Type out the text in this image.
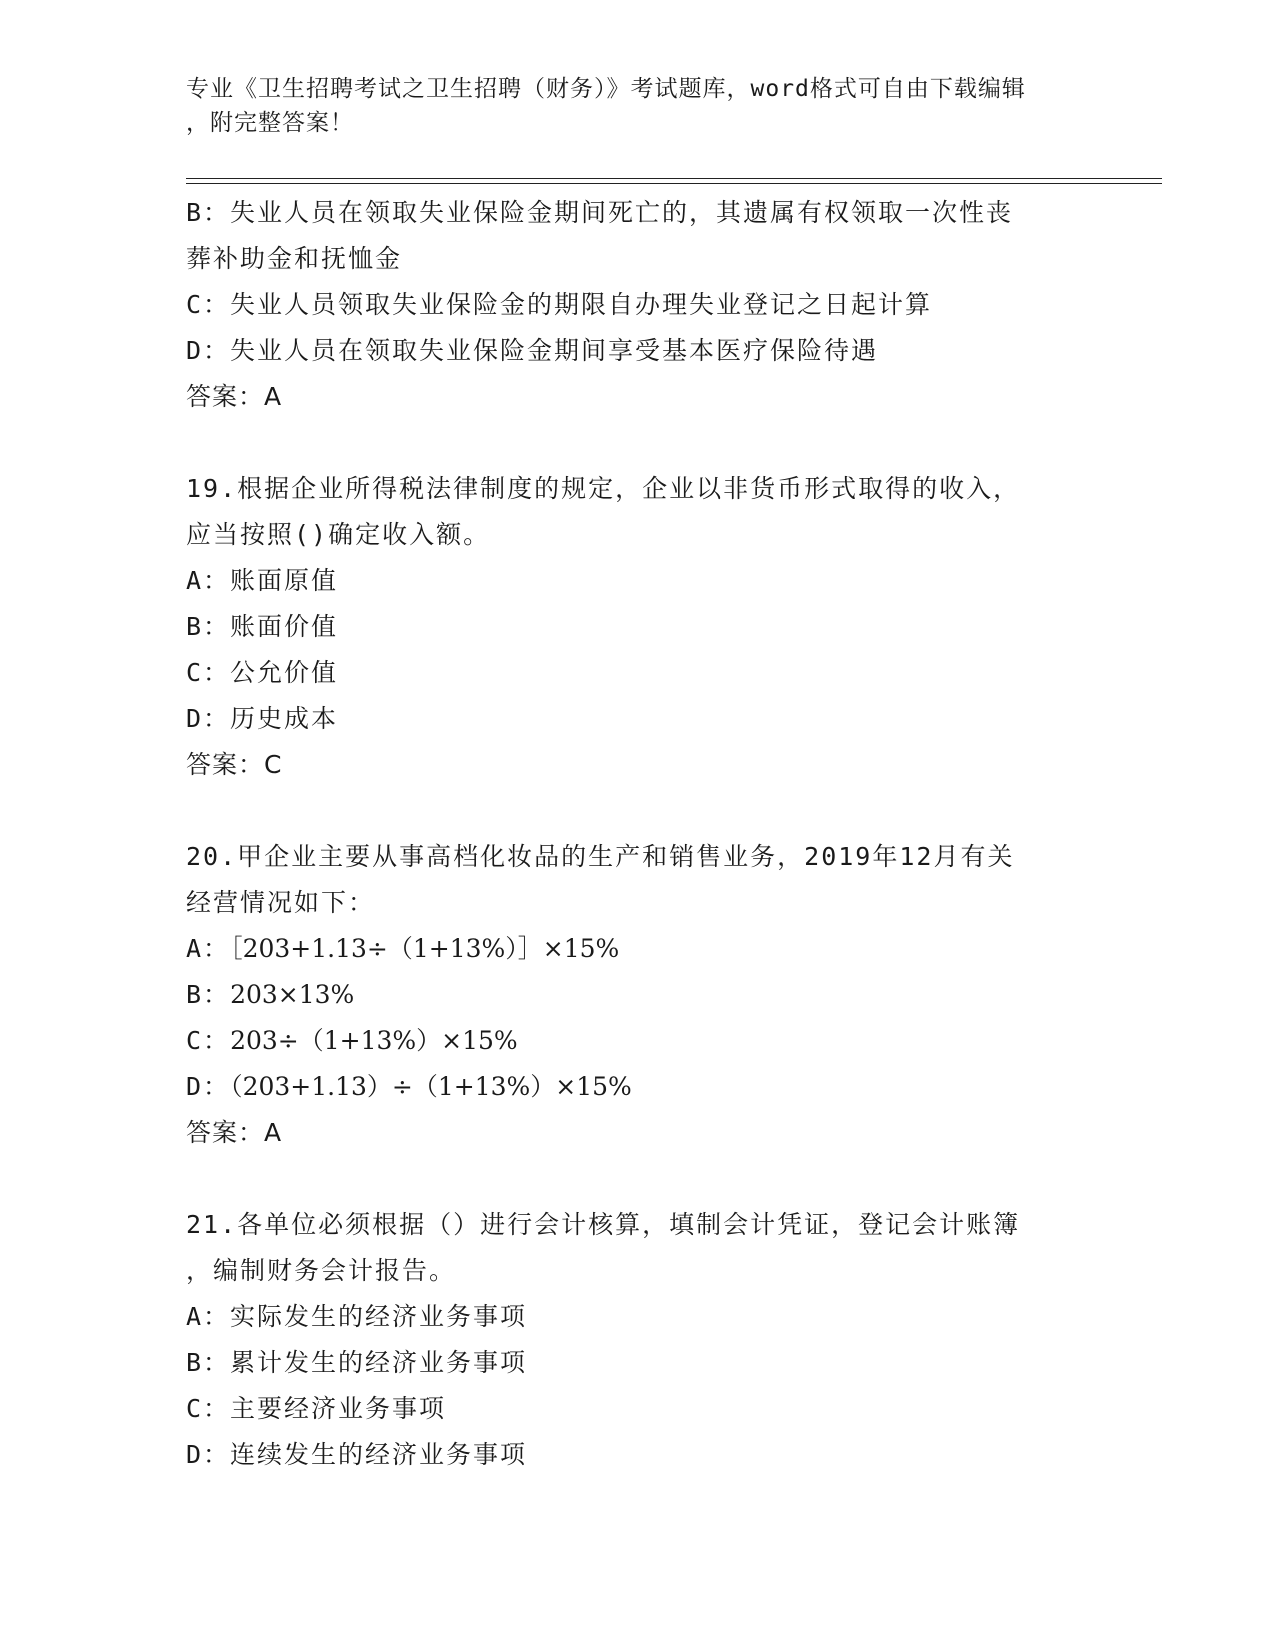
专业《卫生招聘考试之卫生招聘（财务）》考试题库，word格式可自由下载编辑
，附完整答案！
B：失业人员在领取失业保险金期间死亡的，其遗属有权领取一次性丧
葬补助金和抚恤金
C：失业人员领取失业保险金的期限自办理失业登记之日起计算
D：失业人员在领取失业保险金期间享受基本医疗保险待遇
答案：A
19.根据企业所得税法律制度的规定，企业以非货币形式取得的收入，
应当按照()确定收入额。
A：账面原值
B：账面价值
C：公允价值
D：历史成本
答案：C
20.甲企业主要从事高档化妆品的生产和销售业务，2019年12月有关
经营情况如下：
A：［203+1.13÷（1+13%）］×15%
B：203×13%
C：203÷（1+13%）×15%
D：（203+1.13）÷（1+13%）×15%
答案：A
21.各单位必须根据（）进行会计核算，填制会计凭证，登记会计账簿
，编制财务会计报告。
A：实际发生的经济业务事项
B：累计发生的经济业务事项
C：主要经济业务事项
D：连续发生的经济业务事项
